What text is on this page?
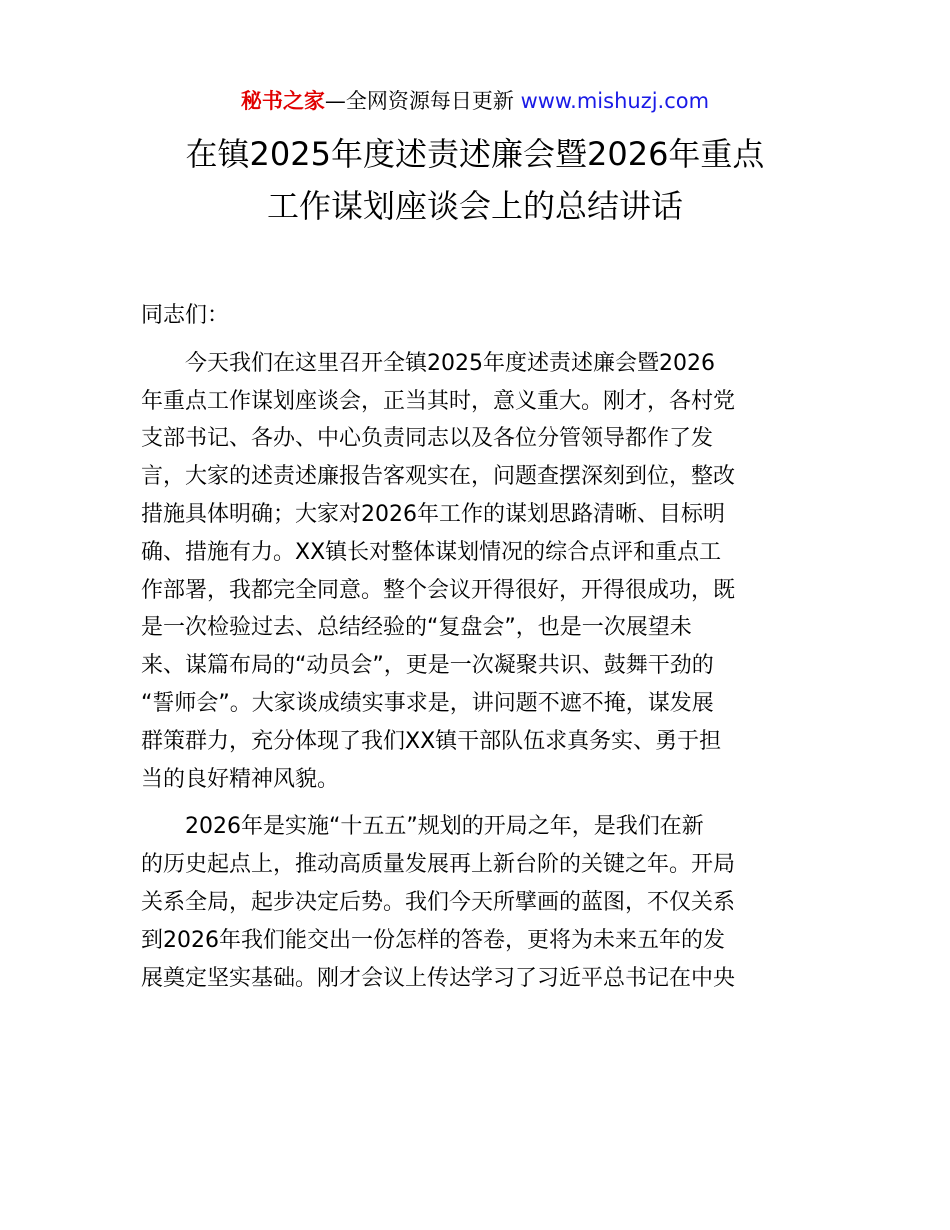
秘书之家—全网资源每日更新 www.mishuzj.com
在镇2025年度述责述廉会暨2026年重点
工作谋划座谈会上的总结讲话
同志们：
今天我们在这里召开全镇2025年度述责述廉会暨2026
年重点工作谋划座谈会，正当其时，意义重大。刚才，各村党
支部书记、各办、中心负责同志以及各位分管领导都作了发
言，大家的述责述廉报告客观实在，问题查摆深刻到位，整改
措施具体明确；大家对2026年工作的谋划思路清晰、目标明
确、措施有力。XX镇长对整体谋划情况的综合点评和重点工
作部署，我都完全同意。整个会议开得很好，开得很成功，既
是一次检验过去、总结经验的“复盘会”，也是一次展望未
来、谋篇布局的“动员会”，更是一次凝聚共识、鼓舞干劲的
“誓师会”。大家谈成绩实事求是，讲问题不遮不掩，谋发展
群策群力，充分体现了我们XX镇干部队伍求真务实、勇于担
当的良好精神风貌。
2026年是实施“十五五”规划的开局之年，是我们在新
的历史起点上，推动高质量发展再上新台阶的关键之年。开局
关系全局，起步决定后势。我们今天所擘画的蓝图，不仅关系
到2026年我们能交出一份怎样的答卷，更将为未来五年的发
展奠定坚实基础。刚才会议上传达学习了习近平总书记在中央
